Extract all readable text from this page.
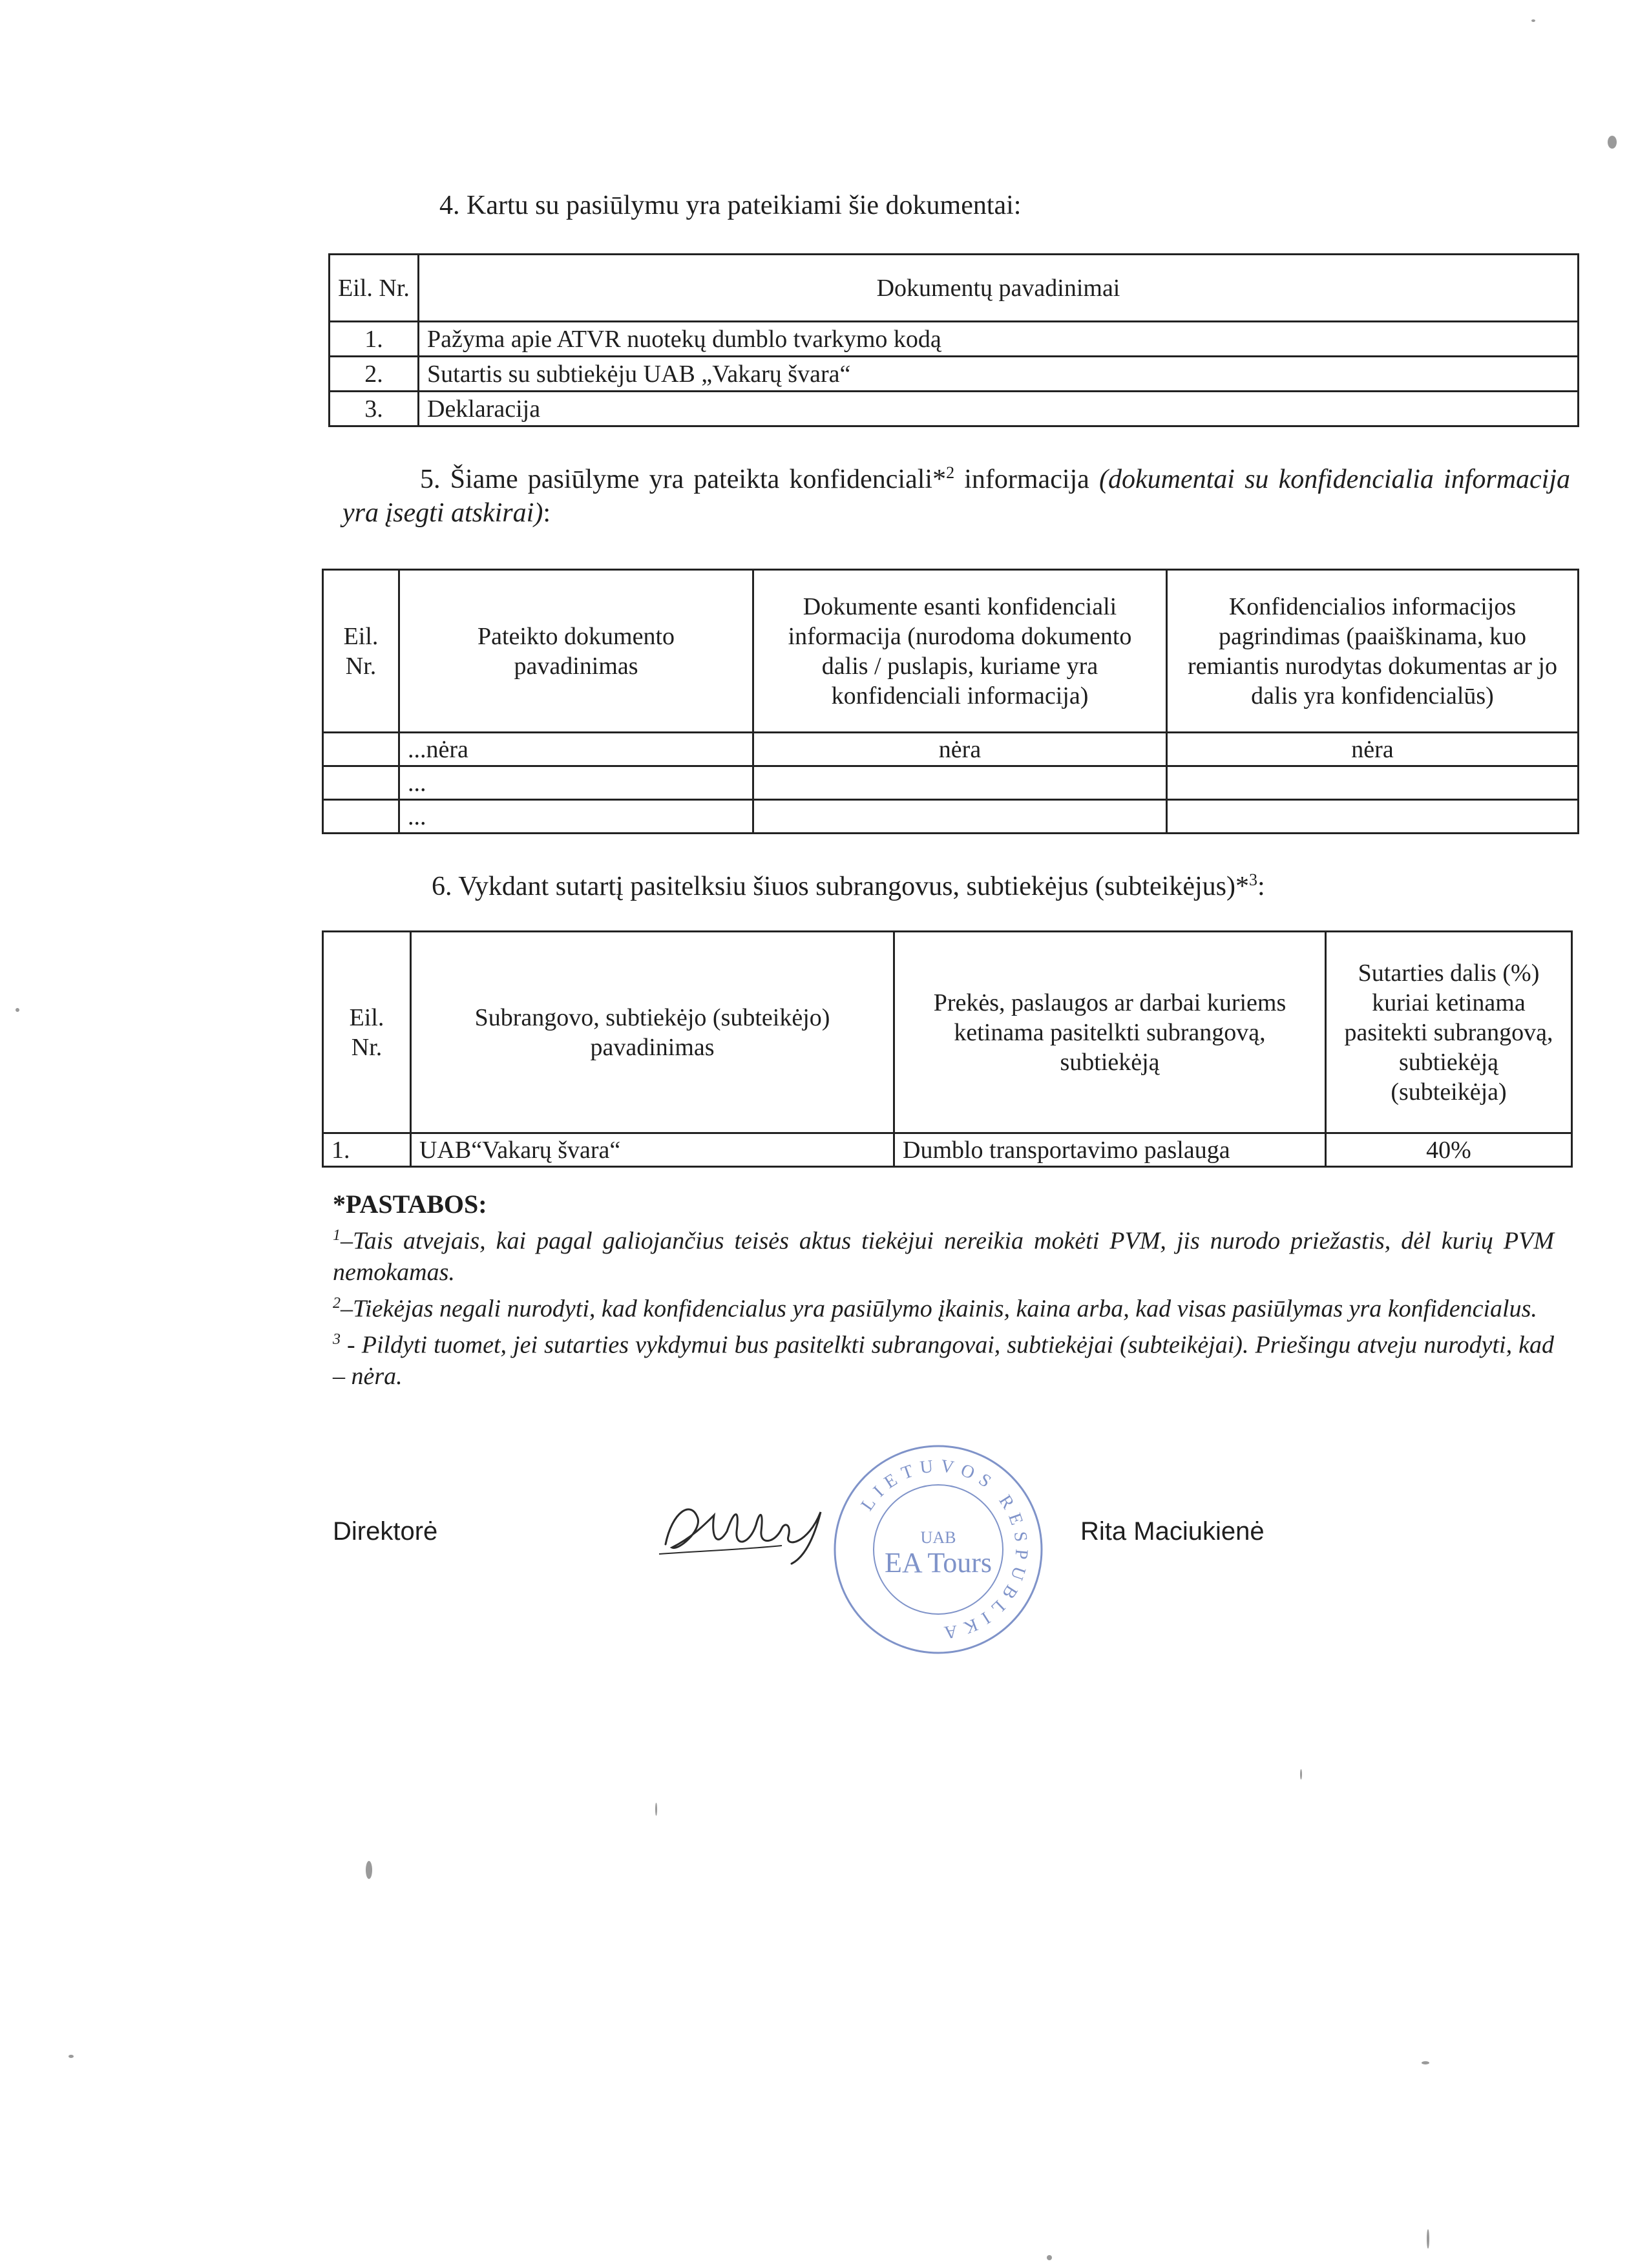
4. Kartu su pasiūlymu yra pateikiami šie dokumentai:
Eil. Nr.	Dokumentų pavadinimai
1.	Pažyma apie ATVR nuotekų dumblo tvarkymo kodą
2.	Sutartis su subtiekėju UAB „Vakarų švara“
3.	Deklaracija
5. Šiame pasiūlyme yra pateikta konfidenciali*$^2$ informacija (dokumentai su konfidencialia informacija yra įsegti atskirai):
Eil. Nr.	Pateikto dokumento pavadinimas	Dokumente esanti konfidenciali informacija (nurodoma dokumento dalis / puslapis, kuriame yra konfidenciali informacija)	Konfidencialios informacijos pagrindimas (paaiškinama, kuo remiantis nurodytas dokumentas ar jo dalis yra konfidencialūs)
	...nėra	nėra	nėra
	...		
	...		
6. Vykdant sutartį pasitelksiu šiuos subrangovus, subtiekėjus (subteikėjus)*$^3$:
Eil. Nr.	Subrangovo, subtiekėjo (subteikėjo) pavadinimas	Prekės, paslaugos ar darbai kuriems ketinama pasitelkti subrangovą, subtiekėją	Sutarties dalis (%) kuriai ketinama pasitekti subrangovą, subtiekėją (subteikėja)
1.	UAB“Vakarų švara“	Dumblo transportavimo paslauga	40%
*PASTABOS:
$^1$–Tais atvejais, kai pagal galiojančius teisės aktus tiekėjui nereikia mokėti PVM, jis nurodo priežastis, dėl kurių PVM nemokamas.
$^2$–Tiekėjas negali nurodyti, kad konfidencialus yra pasiūlymo įkainis, kaina arba, kad visas pasiūlymas yra konfidencialus.
$^3$ - Pildyti tuomet, jei sutarties vykdymui bus pasitelkti subrangovai, subtiekėjai (subteikėjai). Priešingu atveju nurodyti, kad – nėra.
Direktorė
LIETUVOS RESPUBLIKA
UAB
EA Tours
Rita Maciukienė
